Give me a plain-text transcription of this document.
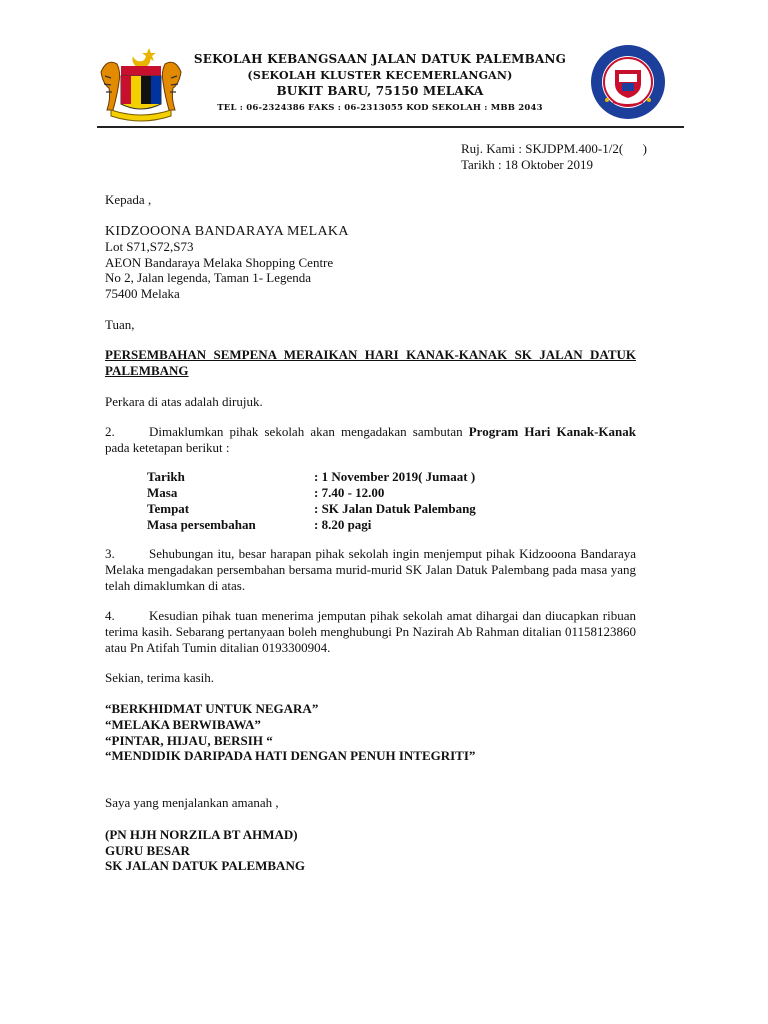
SEKOLAH KEBANGSAAN JALAN DATUK PALEMBANG
(SEKOLAH KLUSTER KECEMERLANGAN)
BUKIT BARU, 75150 MELAKA
TEL : 06-2324386 FAKS : 06-2313055 KOD SEKOLAH : MBB 2043
Ruj. Kami : SKJDPM.400-1/2(      )
Tarikh : 18 Oktober 2019
Kepada ,
KIDZOOONA BANDARAYA MELAKA
Lot S71,S72,S73
AEON Bandaraya Melaka Shopping Centre
No 2, Jalan legenda, Taman 1- Legenda
75400 Melaka
Tuan,
PERSEMBAHAN SEMPENA MERAIKAN HARI KANAK-KANAK SK JALAN DATUK PALEMBANG
Perkara di atas adalah dirujuk.
2.	Dimaklumkan pihak sekolah akan mengadakan sambutan Program Hari Kanak-Kanak pada ketetapan berikut :
Tarikh	: 1 November 2019( Jumaat )
Masa	: 7.40 - 12.00
Tempat	: SK Jalan Datuk Palembang
Masa persembahan	: 8.20 pagi
3.	Sehubungan itu, besar harapan pihak sekolah ingin menjemput pihak Kidzooona Bandaraya Melaka mengadakan persembahan bersama murid-murid SK Jalan Datuk Palembang pada masa yang telah dimaklumkan di atas.
4.	Kesudian pihak tuan menerima jemputan pihak sekolah amat dihargai dan diucapkan ribuan terima kasih. Sebarang pertanyaan boleh menghubungi Pn Nazirah Ab Rahman ditalian 01158123860 atau Pn Atifah Tumin ditalian 0193300904.
Sekian, terima kasih.
“BERKHIDMAT UNTUK NEGARA”
“MELAKA BERWIBAWA”
“PINTAR, HIJAU, BERSIH “
“MENDIDIK DARIPADA HATI DENGAN PENUH INTEGRITI”
Saya yang menjalankan amanah ,
(PN HJH NORZILA BT AHMAD)
GURU BESAR
SK JALAN DATUK PALEMBANG
